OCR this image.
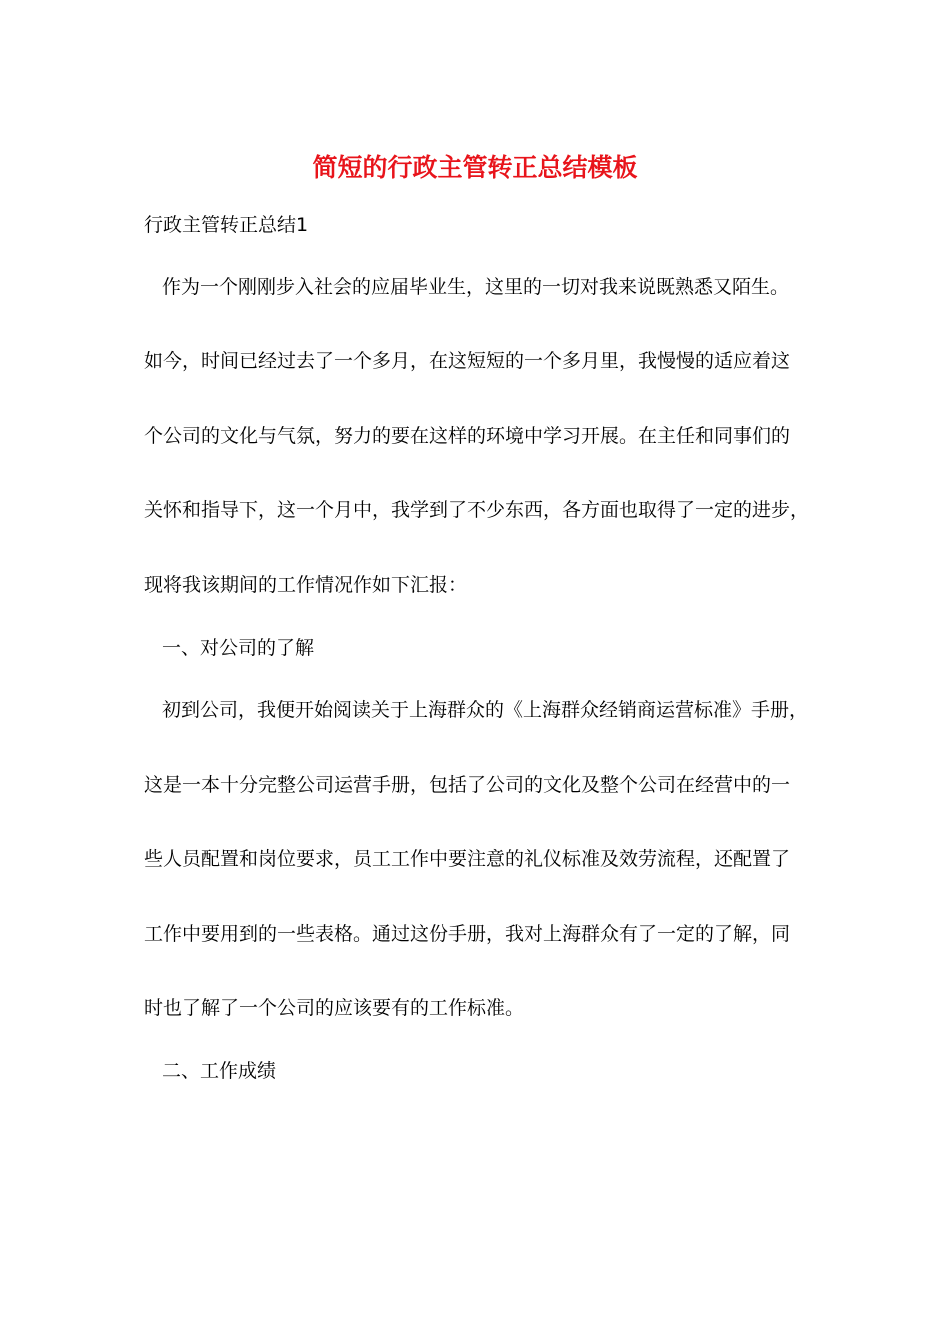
简短的行政主管转正总结模板

行政主管转正总结1

作为一个刚刚步入社会的应届毕业生，这里的一切对我来说既熟悉又陌生。

如今，时间已经过去了一个多月，在这短短的一个多月里，我慢慢的适应着这

个公司的文化与气氛，努力的要在这样的环境中学习开展。在主任和同事们的

关怀和指导下，这一个月中，我学到了不少东西，各方面也取得了一定的进步，

现将我该期间的工作情况作如下汇报：

一、对公司的了解

初到公司，我便开始阅读关于上海群众的《上海群众经销商运营标准》手册，

这是一本十分完整公司运营手册，包括了公司的文化及整个公司在经营中的一

些人员配置和岗位要求，员工工作中要注意的礼仪标准及效劳流程，还配置了

工作中要用到的一些表格。通过这份手册，我对上海群众有了一定的了解，同

时也了解了一个公司的应该要有的工作标准。

二、工作成绩
